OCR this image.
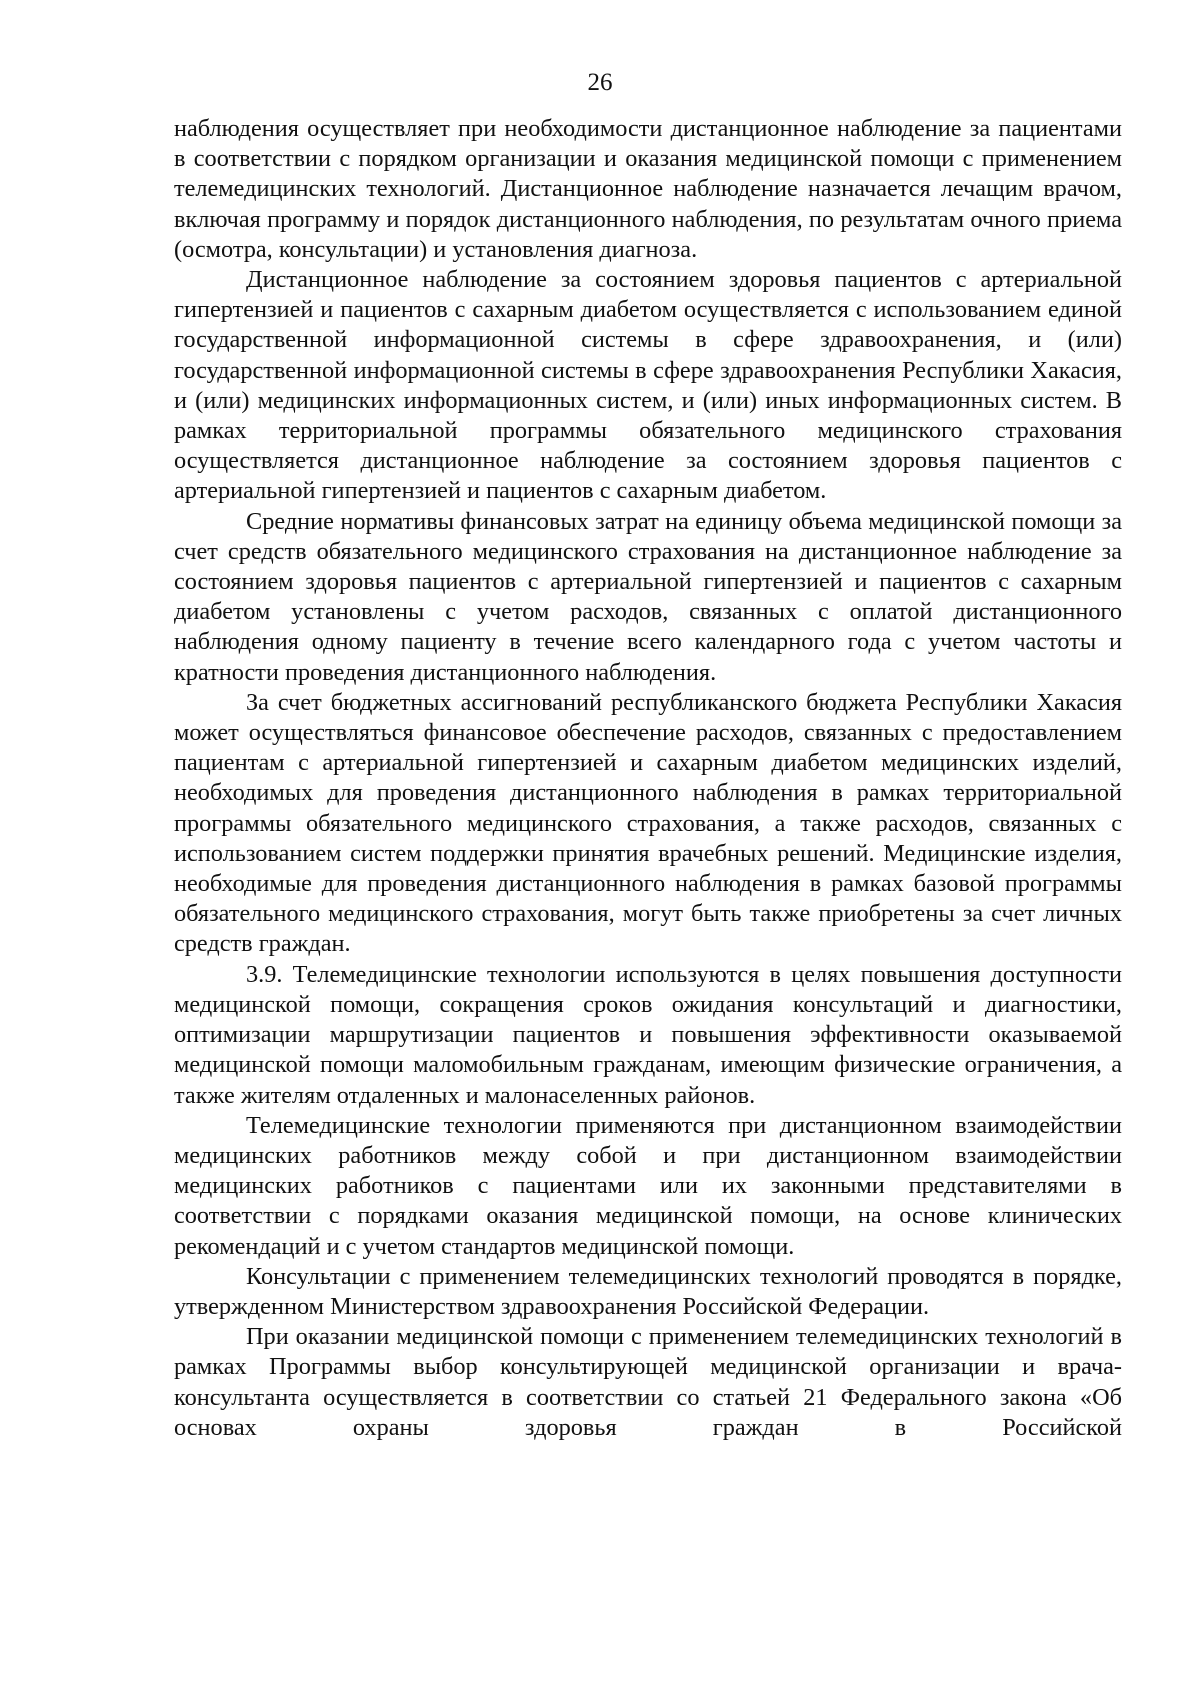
26

наблюдения осуществляет при необходимости дистанционное наблюдение за пациентами в соответствии с порядком организации и оказания медицинской помощи с применением телемедицинских технологий. Дистанционное наблюдение назначается лечащим врачом, включая программу и порядок дистанционного наблюдения, по результатам очного приема (осмотра, консультации) и установления диагноза.

Дистанционное наблюдение за состоянием здоровья пациентов с артериальной гипертензией и пациентов с сахарным диабетом осуществляется с использованием единой государственной информационной системы в сфере здравоохранения, и (или) государственной информационной системы в сфере здравоохранения Республики Хакасия, и (или) медицинских информационных систем, и (или) иных информационных систем. В рамках территориальной программы обязательного медицинского страхования осуществляется дистанционное наблюдение за состоянием здоровья пациентов с артериальной гипертензией и пациентов с сахарным диабетом.

Средние нормативы финансовых затрат на единицу объема медицинской помощи за счет средств обязательного медицинского страхования на дистанционное наблюдение за состоянием здоровья пациентов с артериальной гипертензией и пациентов с сахарным диабетом установлены с учетом расходов, связанных с оплатой дистанционного наблюдения одному пациенту в течение всего календарного года с учетом частоты и кратности проведения дистанционного наблюдения.

За счет бюджетных ассигнований республиканского бюджета Республики Хакасия может осуществляться финансовое обеспечение расходов, связанных с предоставлением пациентам с артериальной гипертензией и сахарным диабетом медицинских изделий, необходимых для проведения дистанционного наблюдения в рамках территориальной программы обязательного медицинского страхования, а также расходов, связанных с использованием систем поддержки принятия врачебных решений. Медицинские изделия, необходимые для проведения дистанционного наблюдения в рамках базовой программы обязательного медицинского страхования, могут быть также приобретены за счет личных средств граждан.

3.9. Телемедицинские технологии используются в целях повышения доступности медицинской помощи, сокращения сроков ожидания консультаций и диагностики, оптимизации маршрутизации пациентов и повышения эффективности оказываемой медицинской помощи маломобильным гражданам, имеющим физические ограничения, а также жителям отдаленных и малонаселенных районов.

Телемедицинские технологии применяются при дистанционном взаимодействии медицинских работников между собой и при дистанционном взаимодействии медицинских работников с пациентами или их законными представителями в соответствии с порядками оказания медицинской помощи, на основе клинических рекомендаций и с учетом стандартов медицинской помощи.

Консультации с применением телемедицинских технологий проводятся в порядке, утвержденном Министерством здравоохранения Российской Федерации.

При оказании медицинской помощи с применением телемедицинских технологий в рамках Программы выбор консультирующей медицинской организации и врача-консультанта осуществляется в соответствии со статьей 21 Федерального закона «Об основах охраны здоровья граждан в Российской
